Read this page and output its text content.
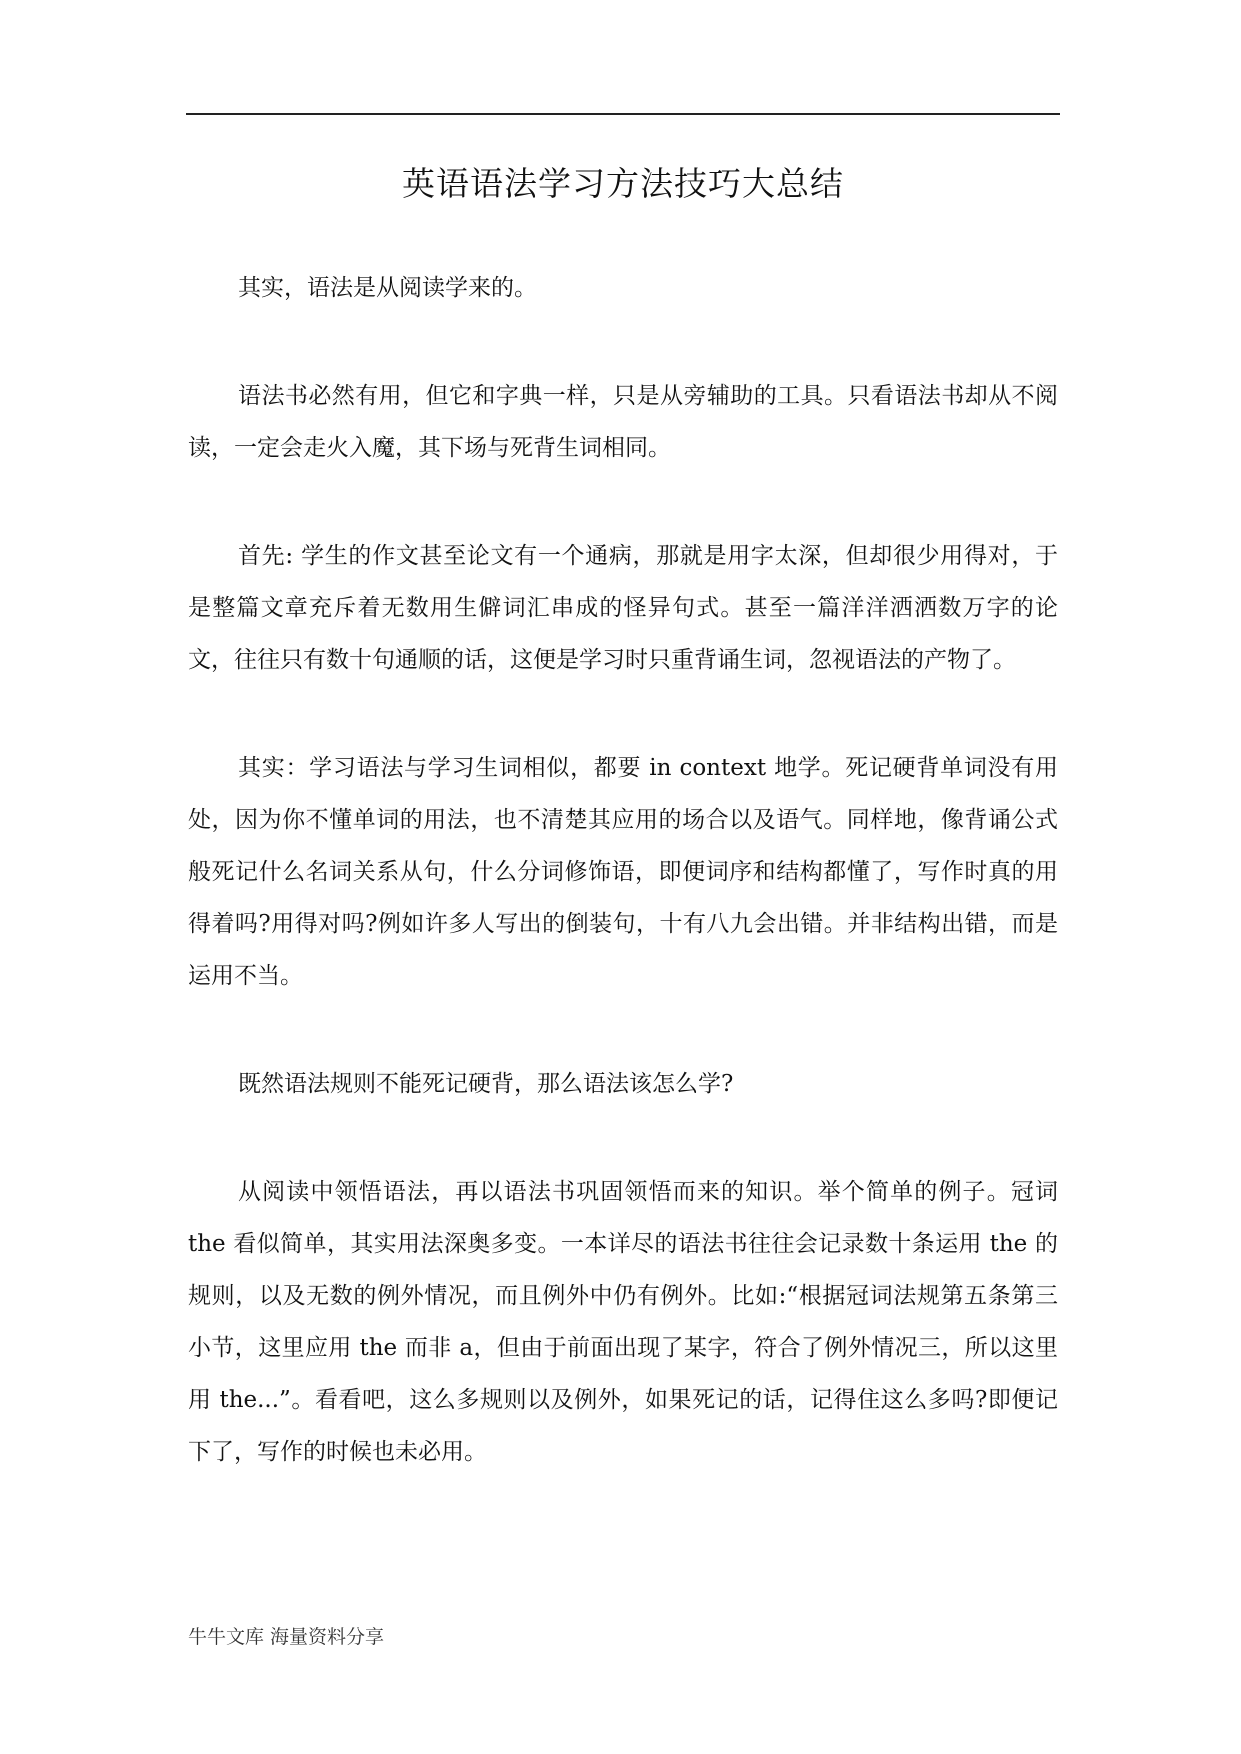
英语语法学习方法技巧大总结

其实，语法是从阅读学来的。

语法书必然有用，但它和字典一样，只是从旁辅助的工具。只看语法书却从不阅读，一定会走火入魔，其下场与死背生词相同。

首先: 学生的作文甚至论文有一个通病，那就是用字太深，但却很少用得对，于是整篇文章充斥着无数用生僻词汇串成的怪异句式。甚至一篇洋洋洒洒数万字的论文，往往只有数十句通顺的话，这便是学习时只重背诵生词，忽视语法的产物了。

其实：学习语法与学习生词相似，都要 in context 地学。死记硬背单词没有用处，因为你不懂单词的用法，也不清楚其应用的场合以及语气。同样地，像背诵公式般死记什么名词关系从句，什么分词修饰语，即便词序和结构都懂了，写作时真的用得着吗?用得对吗?例如许多人写出的倒装句，十有八九会出错。并非结构出错，而是运用不当。

既然语法规则不能死记硬背，那么语法该怎么学?

从阅读中领悟语法，再以语法书巩固领悟而来的知识。举个简单的例子。冠词 the 看似简单，其实用法深奥多变。一本详尽的语法书往往会记录数十条运用 the 的规则，以及无数的例外情况，而且例外中仍有例外。比如:“根据冠词法规第五条第三小节，这里应用 the 而非 a，但由于前面出现了某字，符合了例外情况三，所以这里用 the...”。看看吧，这么多规则以及例外，如果死记的话，记得住这么多吗?即便记下了，写作的时候也未必用。

牛牛文库 海量资料分享
